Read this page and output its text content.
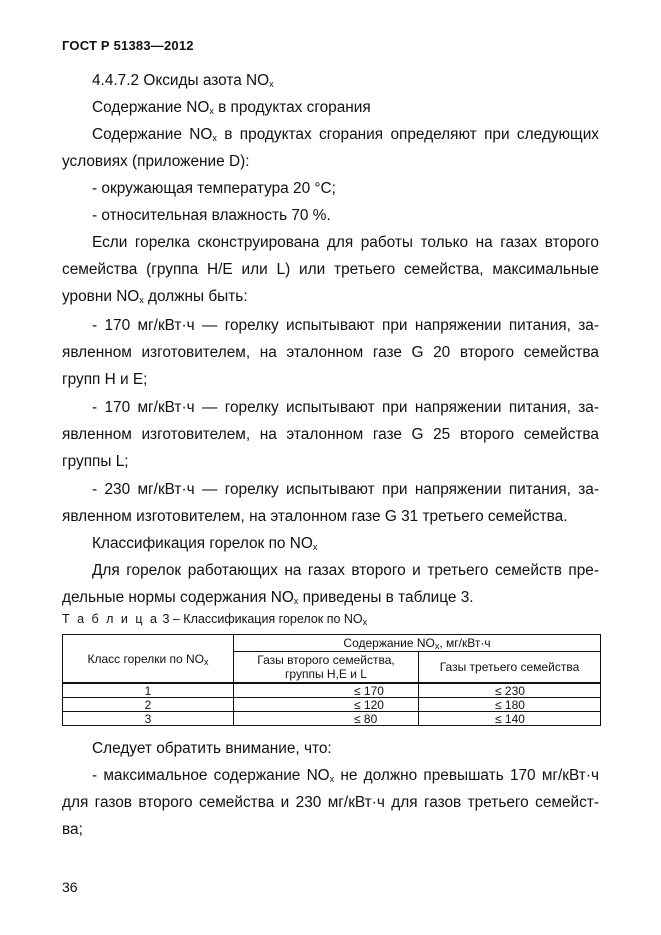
ГОСТ Р 51383—2012
4.4.7.2 Оксиды азота $NO_x$
Содержание $NO_x$ в продуктах сгорания
Содержание $NO_x$ в продуктах сгорания определяют при следующих
условиях (приложение D):
- окружающая температура 20 °С;
- относительная влажность 70 %.
Если горелка сконструирована для работы только на газах второго
семейства (группа Н/Е или L) или третьего семейства, максимальные
уровни $NO_x$ должны быть:
- 170 мг/кВт·ч — горелку испытывают при напряжении питания, за-
явленном изготовителем, на эталонном газе G 20 второго семейства
групп Н и Е;
- 170 мг/кВт·ч — горелку испытывают при напряжении питания, за-
явленном изготовителем, на эталонном газе G 25 второго семейства
группы L;
- 230 мг/кВт·ч — горелку испытывают при напряжении питания, за-
явленном изготовителем, на эталонном газе G 31 третьего семейства.
Классификация горелок по $NO_x$
Для горелок работающих на газах второго и третьего семейств пре-
дельные нормы содержания $NO_x$ приведены в таблице 3.
Т а б л и ц а 3 – Классификация горелок по $NO_x$
Класс горелки по $NO_x$	Содержание $NO_x$, мг/кВт·ч	
	Газы второго семейства, группы Н,Е и L	Газы третьего семейства
1	≤ 170	≤ 230
2	≤ 120	≤ 180
3	≤ 80	≤ 140
Следует обратить внимание, что:
- максимальное содержание $NO_x$ не должно превышать 170 мг/кВт·ч
для газов второго семейства и 230 мг/кВт·ч для газов третьего семейст-
ва;
36
